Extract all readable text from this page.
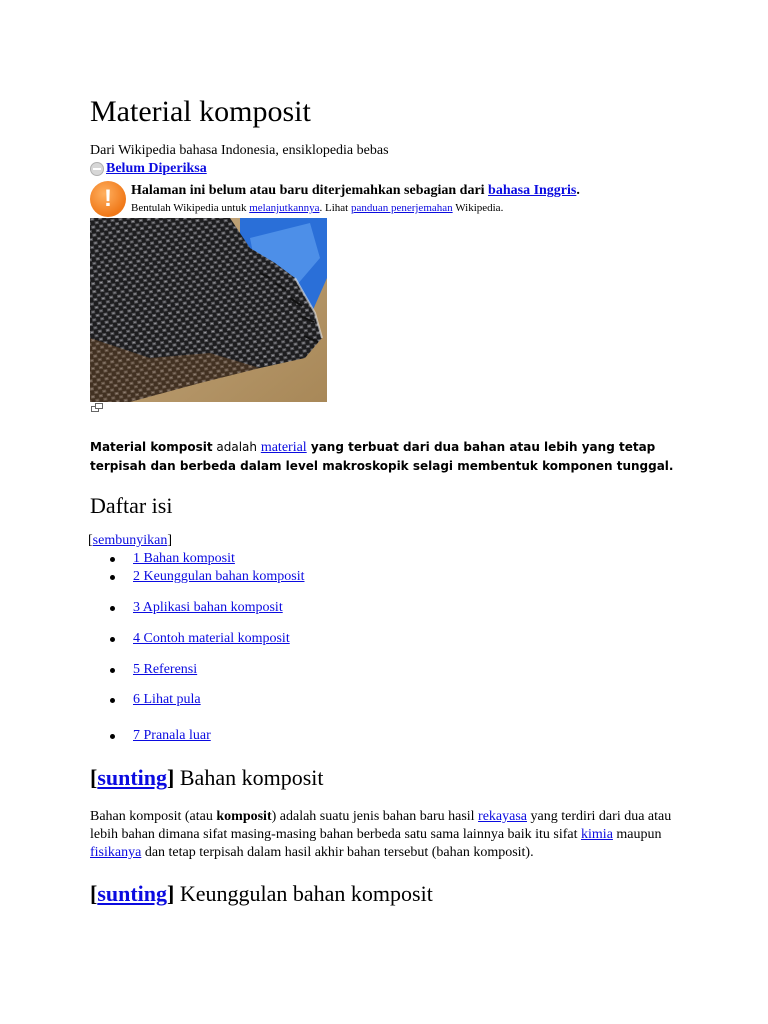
Material komposit
Dari Wikipedia bahasa Indonesia, ensiklopedia bebas
Belum Diperiksa
!	Halaman ini belum atau baru diterjemahkan sebagian dari bahasa Inggris.
Bentulah Wikipedia untuk melanjutkannya. Lihat panduan penerjemahan Wikipedia.
Material komposit adalah material yang terbuat dari dua bahan atau lebih yang tetap terpisah dan berbeda dalam level makroskopik selagi membentuk komponen tunggal.
Daftar isi
[sembunyikan]
1 Bahan komposit
2 Keunggulan bahan komposit
3 Aplikasi bahan komposit
4 Contoh material komposit
5 Referensi
6 Lihat pula
7 Pranala luar
[sunting] Bahan komposit
Bahan komposit (atau komposit) adalah suatu jenis bahan baru hasil rekayasa yang terdiri dari dua atau lebih bahan dimana sifat masing-masing bahan berbeda satu sama lainnya baik itu sifat kimia maupun fisikanya dan tetap terpisah dalam hasil akhir bahan tersebut (bahan komposit).
[sunting] Keunggulan bahan komposit
